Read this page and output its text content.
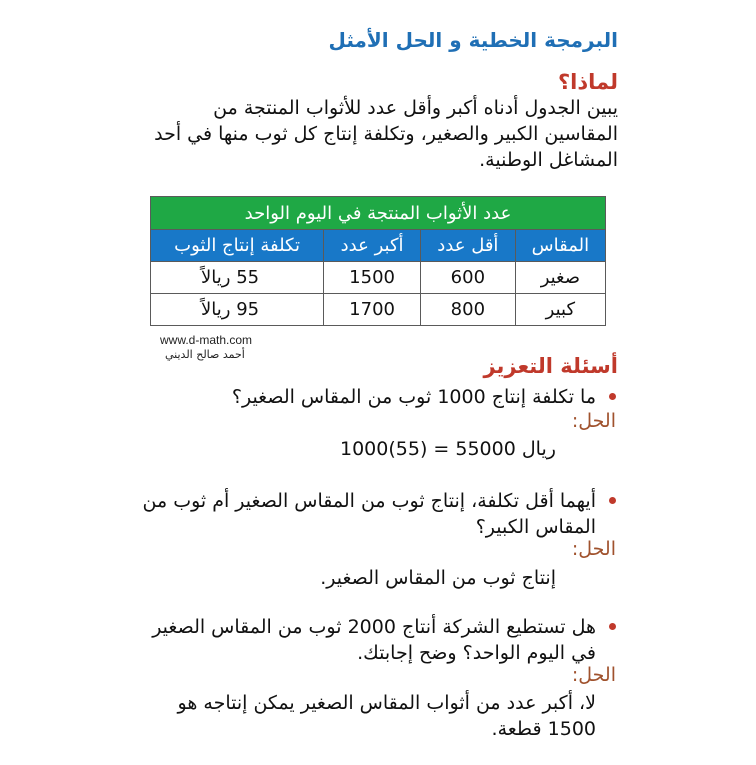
البرمجة الخطية و الحل الأمثل
لماذا؟
يبين الجدول أدناه أكبر وأقل عدد للأثواب المنتجة من المقاسين الكبير والصغير، وتكلفة إنتاج كل ثوب منها في أحد المشاغل الوطنية.
عدد الأثواب المنتجة في اليوم الواحد			
المقاس	أقل عدد	أكبر عدد	تكلفة إنتاج الثوب
صغير	600	1500	55 ريالاً
كبير	800	1700	95 ريالاً
www.d-math.com
أحمد صالح الديني	أسئلة التعزيز
ما تكلفة إنتاج 1000 ثوب من المقاس الصغير؟
الحل:
1000(55) = 55000 ريال
أيهما أقل تكلفة، إنتاج ثوب من المقاس الصغير أم ثوب من المقاس الكبير؟
الحل:
إنتاج ثوب من المقاس الصغير.
هل تستطيع الشركة أنتاج 2000 ثوب من المقاس الصغير في اليوم الواحد؟ وضح إجابتك.
الحل:
لا، أكبر عدد من أثواب المقاس الصغير يمكن إنتاجه هو 1500 قطعة.
